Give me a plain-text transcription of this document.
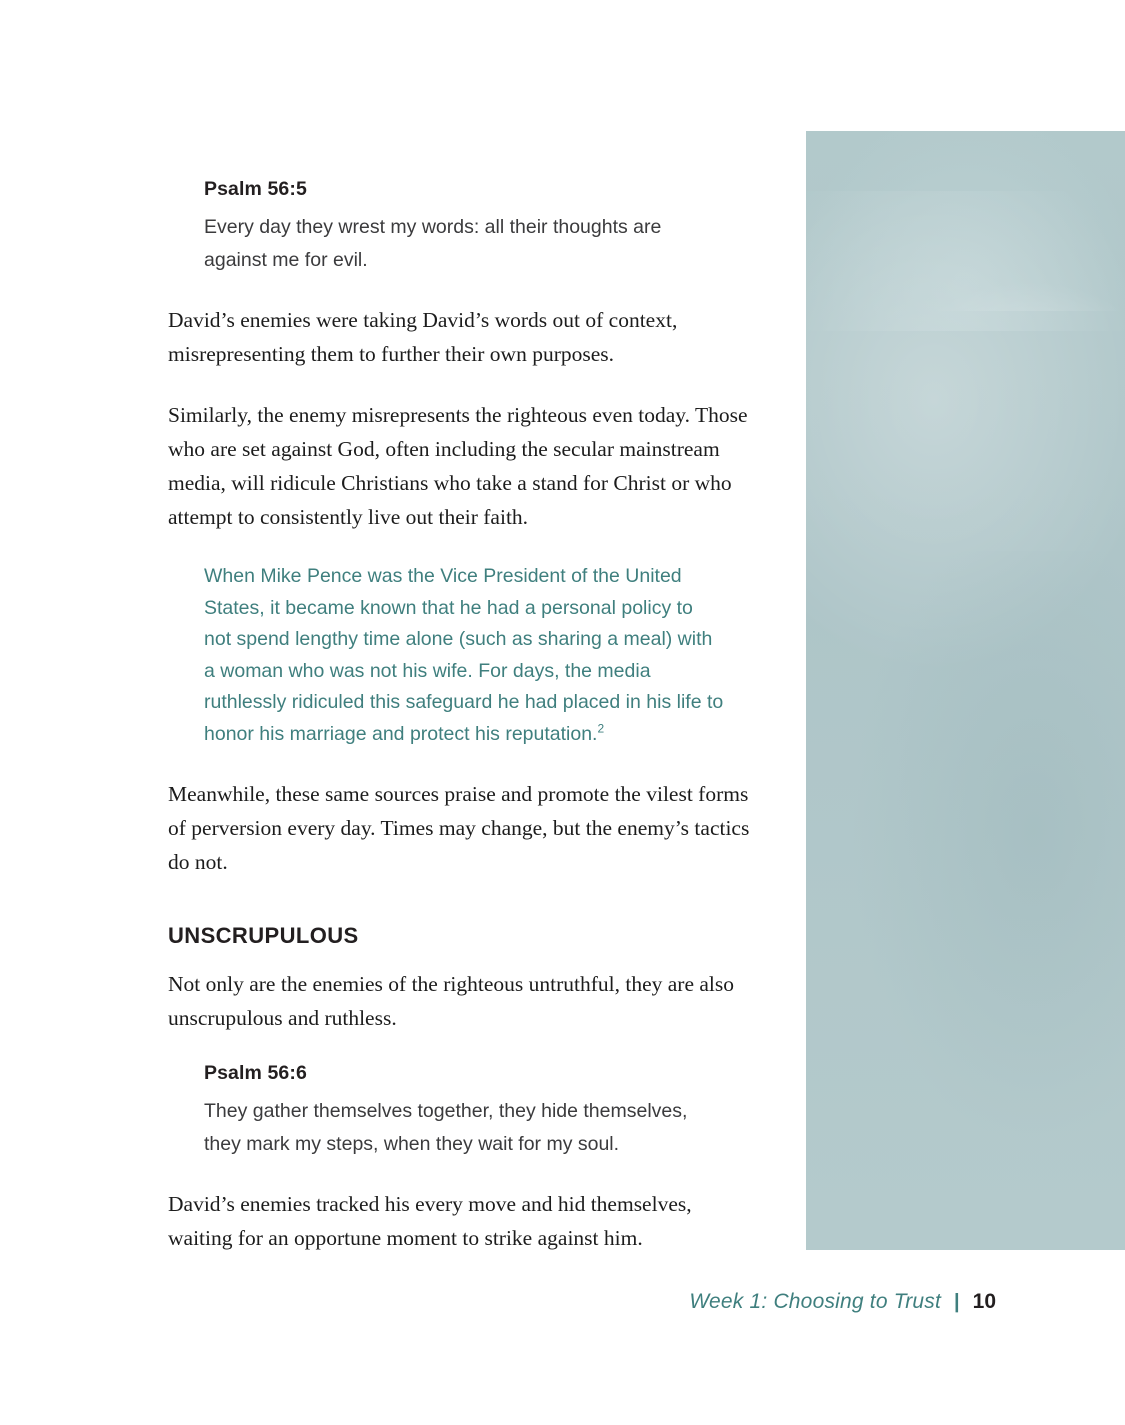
Psalm 56:5

Every day they wrest my words: all their thoughts are against me for evil.

David’s enemies were taking David’s words out of context, misrepresenting them to further their own purposes.

Similarly, the enemy misrepresents the righteous even today. Those who are set against God, often including the secular mainstream media, will ridicule Christians who take a stand for Christ or who attempt to consistently live out their faith.

When Mike Pence was the Vice President of the United States, it became known that he had a personal policy to not spend lengthy time alone (such as sharing a meal) with a woman who was not his wife. For days, the media ruthlessly ridiculed this safeguard he had placed in his life to honor his marriage and protect his reputation.$^2$

Meanwhile, these same sources praise and promote the vilest forms of perversion every day. Times may change, but the enemy’s tactics do not.

UNSCRUPULOUS

Not only are the enemies of the righteous untruthful, they are also unscrupulous and ruthless.

Psalm 56:6

They gather themselves together, they hide themselves, they mark my steps, when they wait for my soul.

David’s enemies tracked his every move and hid themselves, waiting for an opportune moment to strike against him.

Week 1: Choosing to Trust | 10
